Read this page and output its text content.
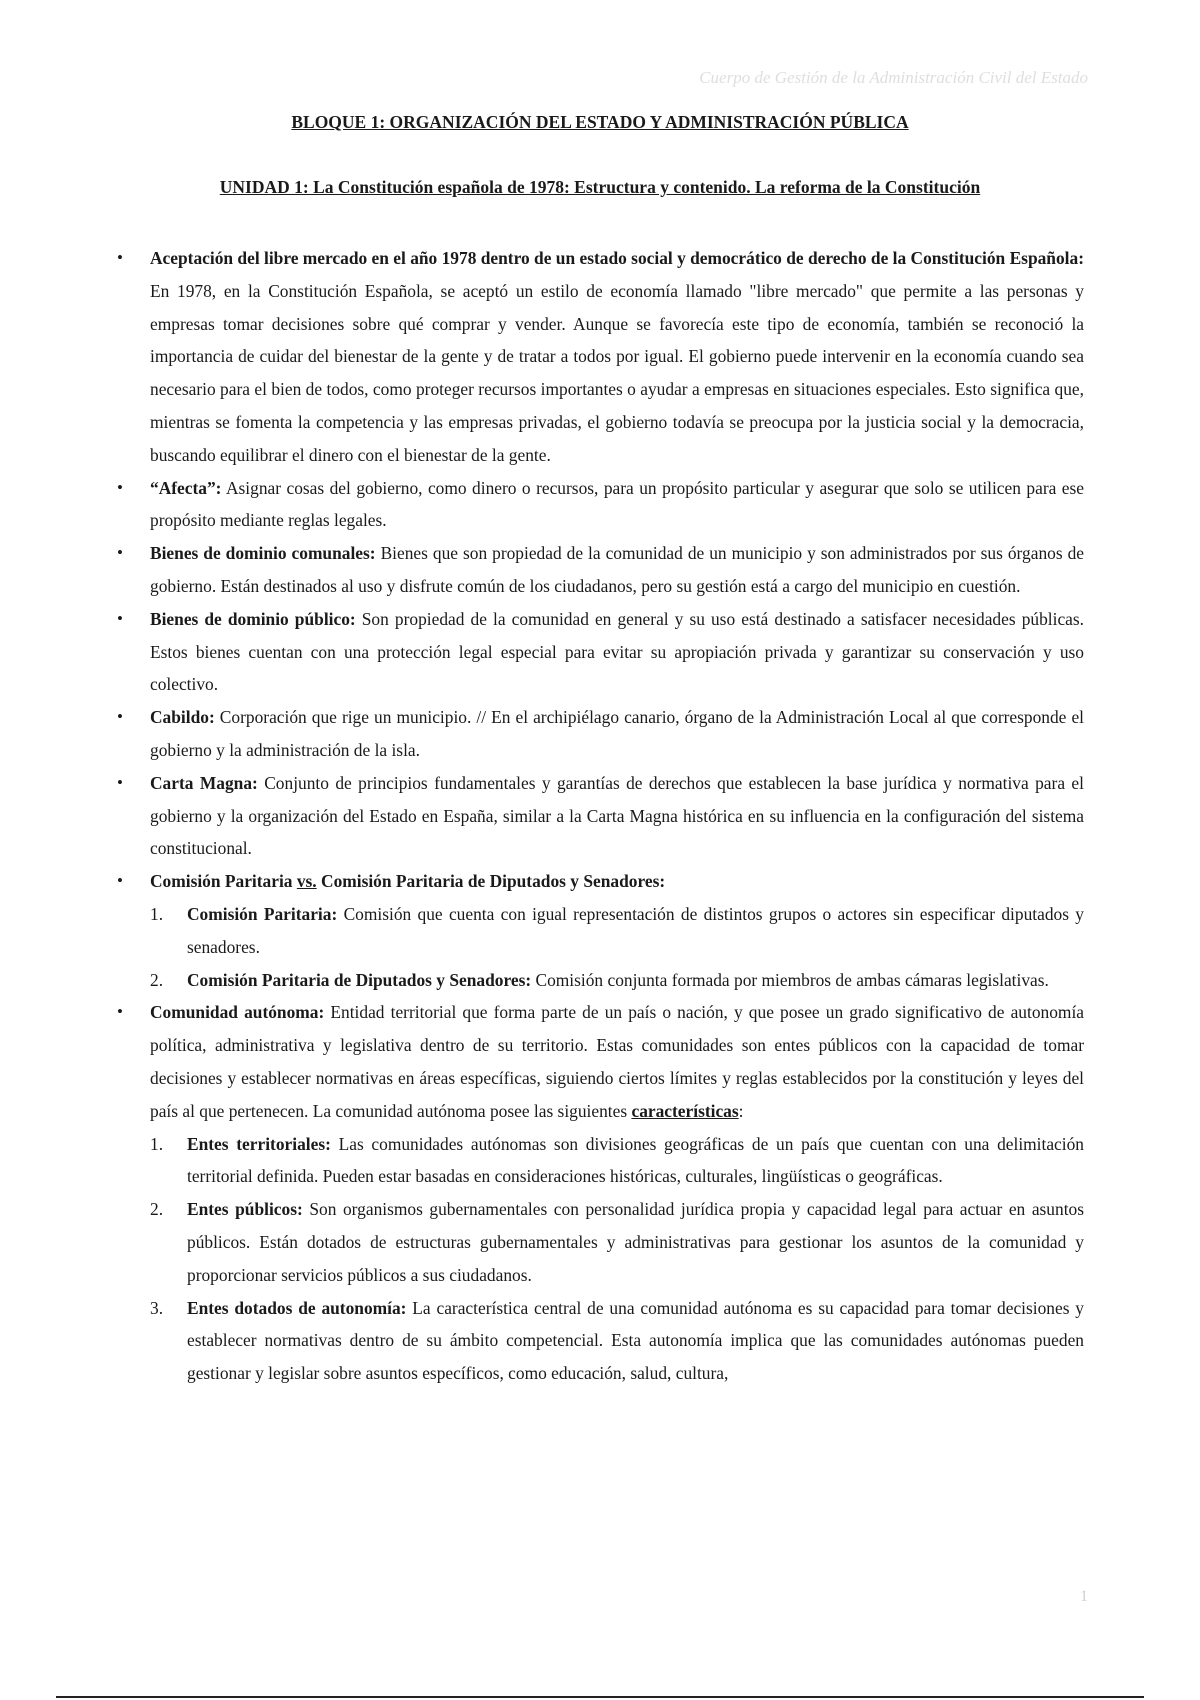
Cuerpo de Gestión de la Administración Civil del Estado
BLOQUE 1: ORGANIZACIÓN DEL ESTADO Y ADMINISTRACIÓN PÚBLICA
UNIDAD 1: La Constitución española de 1978: Estructura y contenido. La reforma de la Constitución

• Aceptación del libre mercado en el año 1978 dentro de un estado social y democrático de derecho de la Constitución Española: En 1978, en la Constitución Española, se aceptó un estilo de economía llamado "libre mercado" que permite a las personas y empresas tomar decisiones sobre qué comprar y vender. Aunque se favorecía este tipo de economía, también se reconoció la importancia de cuidar del bienestar de la gente y de tratar a todos por igual. El gobierno puede intervenir en la economía cuando sea necesario para el bien de todos, como proteger recursos importantes o ayudar a empresas en situaciones especiales. Esto significa que, mientras se fomenta la competencia y las empresas privadas, el gobierno todavía se preocupa por la justicia social y la democracia, buscando equilibrar el dinero con el bienestar de la gente.

• “Afecta”: Asignar cosas del gobierno, como dinero o recursos, para un propósito particular y asegurar que solo se utilicen para ese propósito mediante reglas legales.

• Bienes de dominio comunales: Bienes que son propiedad de la comunidad de un municipio y son administrados por sus órganos de gobierno. Están destinados al uso y disfrute común de los ciudadanos, pero su gestión está a cargo del municipio en cuestión.

• Bienes de dominio público: Son propiedad de la comunidad en general y su uso está destinado a satisfacer necesidades públicas. Estos bienes cuentan con una protección legal especial para evitar su apropiación privada y garantizar su conservación y uso colectivo.

• Cabildo: Corporación que rige un municipio. // En el archipiélago canario, órgano de la Administración Local al que corresponde el gobierno y la administración de la isla.

• Carta Magna: Conjunto de principios fundamentales y garantías de derechos que establecen la base jurídica y normativa para el gobierno y la organización del Estado en España, similar a la Carta Magna histórica en su influencia en la configuración del sistema constitucional.

• Comisión Paritaria vs. Comisión Paritaria de Diputados y Senadores:

1. Comisión Paritaria: Comisión que cuenta con igual representación de distintos grupos o actores sin especificar diputados y senadores.

2. Comisión Paritaria de Diputados y Senadores: Comisión conjunta formada por miembros de ambas cámaras legislativas.

• Comunidad autónoma: Entidad territorial que forma parte de un país o nación, y que posee un grado significativo de autonomía política, administrativa y legislativa dentro de su territorio. Estas comunidades son entes públicos con la capacidad de tomar decisiones y establecer normativas en áreas específicas, siguiendo ciertos límites y reglas establecidos por la constitución y leyes del país al que pertenecen. La comunidad autónoma posee las siguientes características:

1. Entes territoriales: Las comunidades autónomas son divisiones geográficas de un país que cuentan con una delimitación territorial definida. Pueden estar basadas en consideraciones históricas, culturales, lingüísticas o geográficas.

2. Entes públicos: Son organismos gubernamentales con personalidad jurídica propia y capacidad legal para actuar en asuntos públicos. Están dotados de estructuras gubernamentales y administrativas para gestionar los asuntos de la comunidad y proporcionar servicios públicos a sus ciudadanos.

3. Entes dotados de autonomía: La característica central de una comunidad autónoma es su capacidad para tomar decisiones y establecer normativas dentro de su ámbito competencial. Esta autonomía implica que las comunidades autónomas pueden gestionar y legislar sobre asuntos específicos, como educación, salud, cultura,

1
